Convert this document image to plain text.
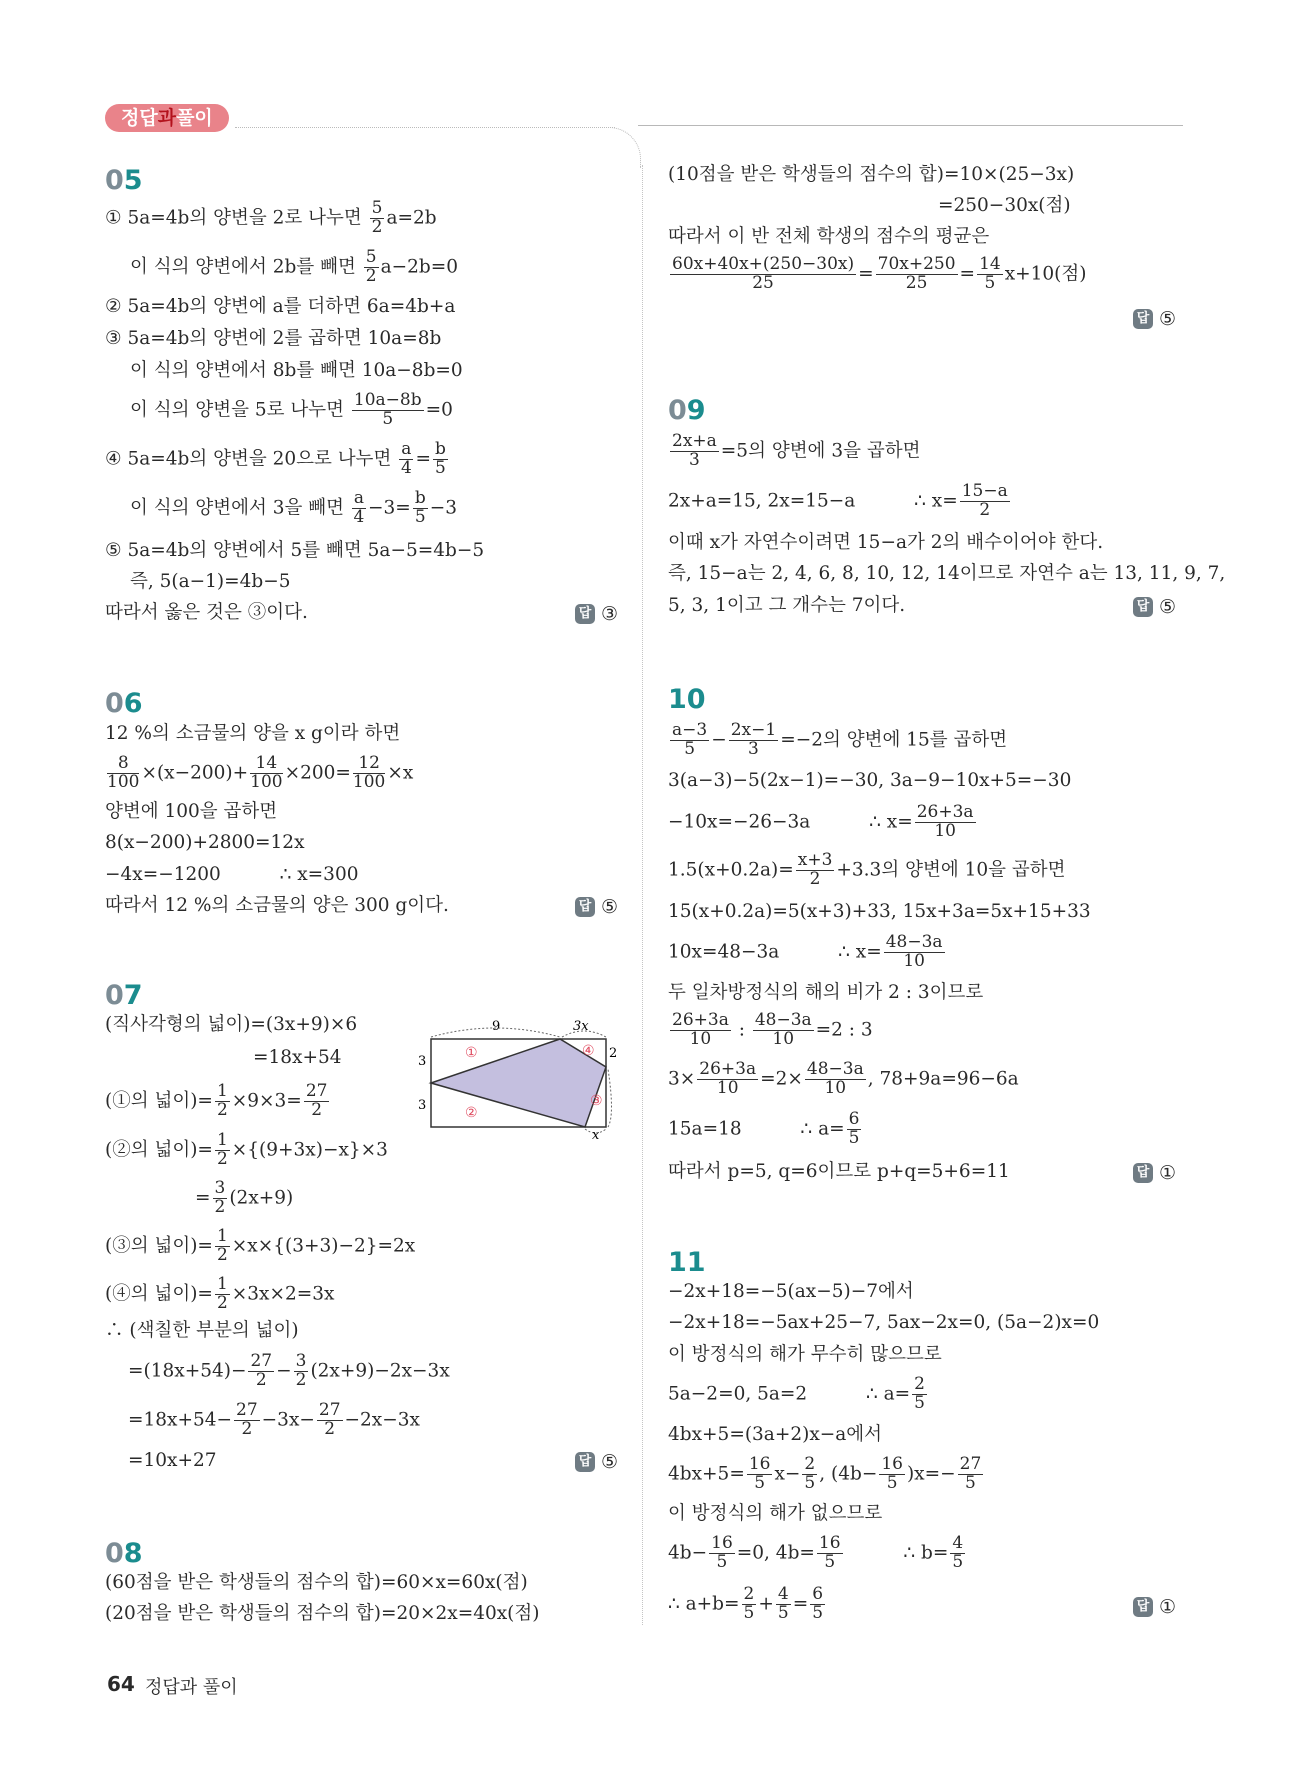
정답 과 풀이
05
① 5a=4b의 양변을 2로 나누면 $\frac{5}{2} a=2b$
이 식의 양변에서 2b를 빼면 $\frac{5}{2} a-2b=0$
② 5a=4b의 양변에 a를 더하면 6a=4b+a
③ 5a=4b의 양변에 2를 곱하면 10a=8b
이 식의 양변에서 8b를 빼면 10a−8b=0
이 식의 양변을 5로 나누면 $\frac{10a-8b}{5} =0$
④ 5a=4b의 양변을 20으로 나누면 $\frac{a}{4} = \frac{b}{5}$
이 식의 양변에서 3을 빼면 $\frac{a}{4} -3= \frac{b}{5} -3$
⑤ 5a=4b의 양변에서 5를 빼면 5a−5=4b−5
즉, 5(a−1)=4b−5
따라서 옳은 것은 ③이다.	답 ③
06
12 %의 소금물의 양을 x g이라 하면
$\frac{8}{100} \times(x-200)+ \frac{14}{100} \times 200= \frac{12}{100} \times x$
양변에 100을 곱하면
8(x−200)+2800=12x
−4x=−1200          ∴ x=300
따라서 12 %의 소금물의 양은 300 g이다.	답 ⑤
07
(직사각형의 넓이)=(3x+9)×6
=18x+54
(①의 넓이)= $\frac{1}{2} \times 9\times 3= \frac{27}{2}$
(②의 넓이)= $\frac{1}{2} \times\{(9+3x)-x\}\times 3$
= $\frac{3}{2} (2x+9)$
(③의 넓이)= $\frac{1}{2} \times x\times\{(3+3)-2\}=2x$
(④의 넓이)= $\frac{1}{2} \times 3x\times 2=3x$
∴ (색칠한 부분의 넓이)
$=(18x+54)- \frac{27}{2} - \frac{3}{2} (2x+9)-2x-3x$
$=18x+54- \frac{27}{2} -3x- \frac{27}{2} -2x-3x$
=10x+27	답 ⑤
9	3x
3
3
2
x
①
②
③
④
08
(60점을 받은 학생들의 점수의 합)=60×x=60x(점)
(20점을 받은 학생들의 점수의 합)=20×2x=40x(점)
(10점을 받은 학생들의 점수의 합)=10×(25−3x)
=250−30x(점)
따라서 이 반 전체 학생의 점수의 평균은
$\frac{60x+40x+(250-30x)}{25} = \frac{70x+250}{25} = \frac{14}{5} x+10$(점)
답 ⑤
09
$\frac{2x+a}{3} =5$의 양변에 3을 곱하면
2x+a=15, 2x=15−a          ∴ $x= \frac{15-a}{2}$
이때 x가 자연수이려면 15−a가 2의 배수이어야 한다.
즉, 15−a는 2, 4, 6, 8, 10, 12, 14이므로 자연수 a는 13, 11, 9, 7,
5, 3, 1이고 그 개수는 7이다.	답 ⑤
10
$\frac{a-3}{5} - \frac{2x-1}{3} =-2$의 양변에 15를 곱하면
3(a−3)−5(2x−1)=−30, 3a−9−10x+5=−30
−10x=−26−3a          ∴ $x= \frac{26+3a}{10}$
$1.5(x+0.2a)= \frac{x+3}{2} +3.3$의 양변에 10을 곱하면
15(x+0.2a)=5(x+3)+33, 15x+3a=5x+15+33
10x=48−3a          ∴ $x= \frac{48-3a}{10}$
두 일차방정식의 해의 비가 2 : 3이므로
$\frac{26+3a}{10}$ : $\frac{48-3a}{10} =2$ : 3
$3\times \frac{26+3a}{10} =2\times \frac{48-3a}{10}$ , 78+9a=96−6a
15a=18          ∴ $a= \frac{6}{5}$
따라서 p=5, q=6이므로 p+q=5+6=11	답 ①
11
−2x+18=−5(ax−5)−7에서
−2x+18=−5ax+25−7, 5ax−2x=0, (5a−2)x=0
이 방정식의 해가 무수히 많으므로
5a−2=0, 5a=2          ∴ $a= \frac{2}{5}$
4bx+5=(3a+2)x−a에서
$4bx+5= \frac{16}{5} x- \frac{2}{5}$ , $(4b- \frac{16}{5} )x=- \frac{27}{5}$
이 방정식의 해가 없으므로
$4b- \frac{16}{5} =0$, $4b= \frac{16}{5}$ ∴ $b= \frac{4}{5}$
∴ $a+b= \frac{2}{5} + \frac{4}{5} = \frac{6}{5}$	답 ①
64 정답과 풀이
